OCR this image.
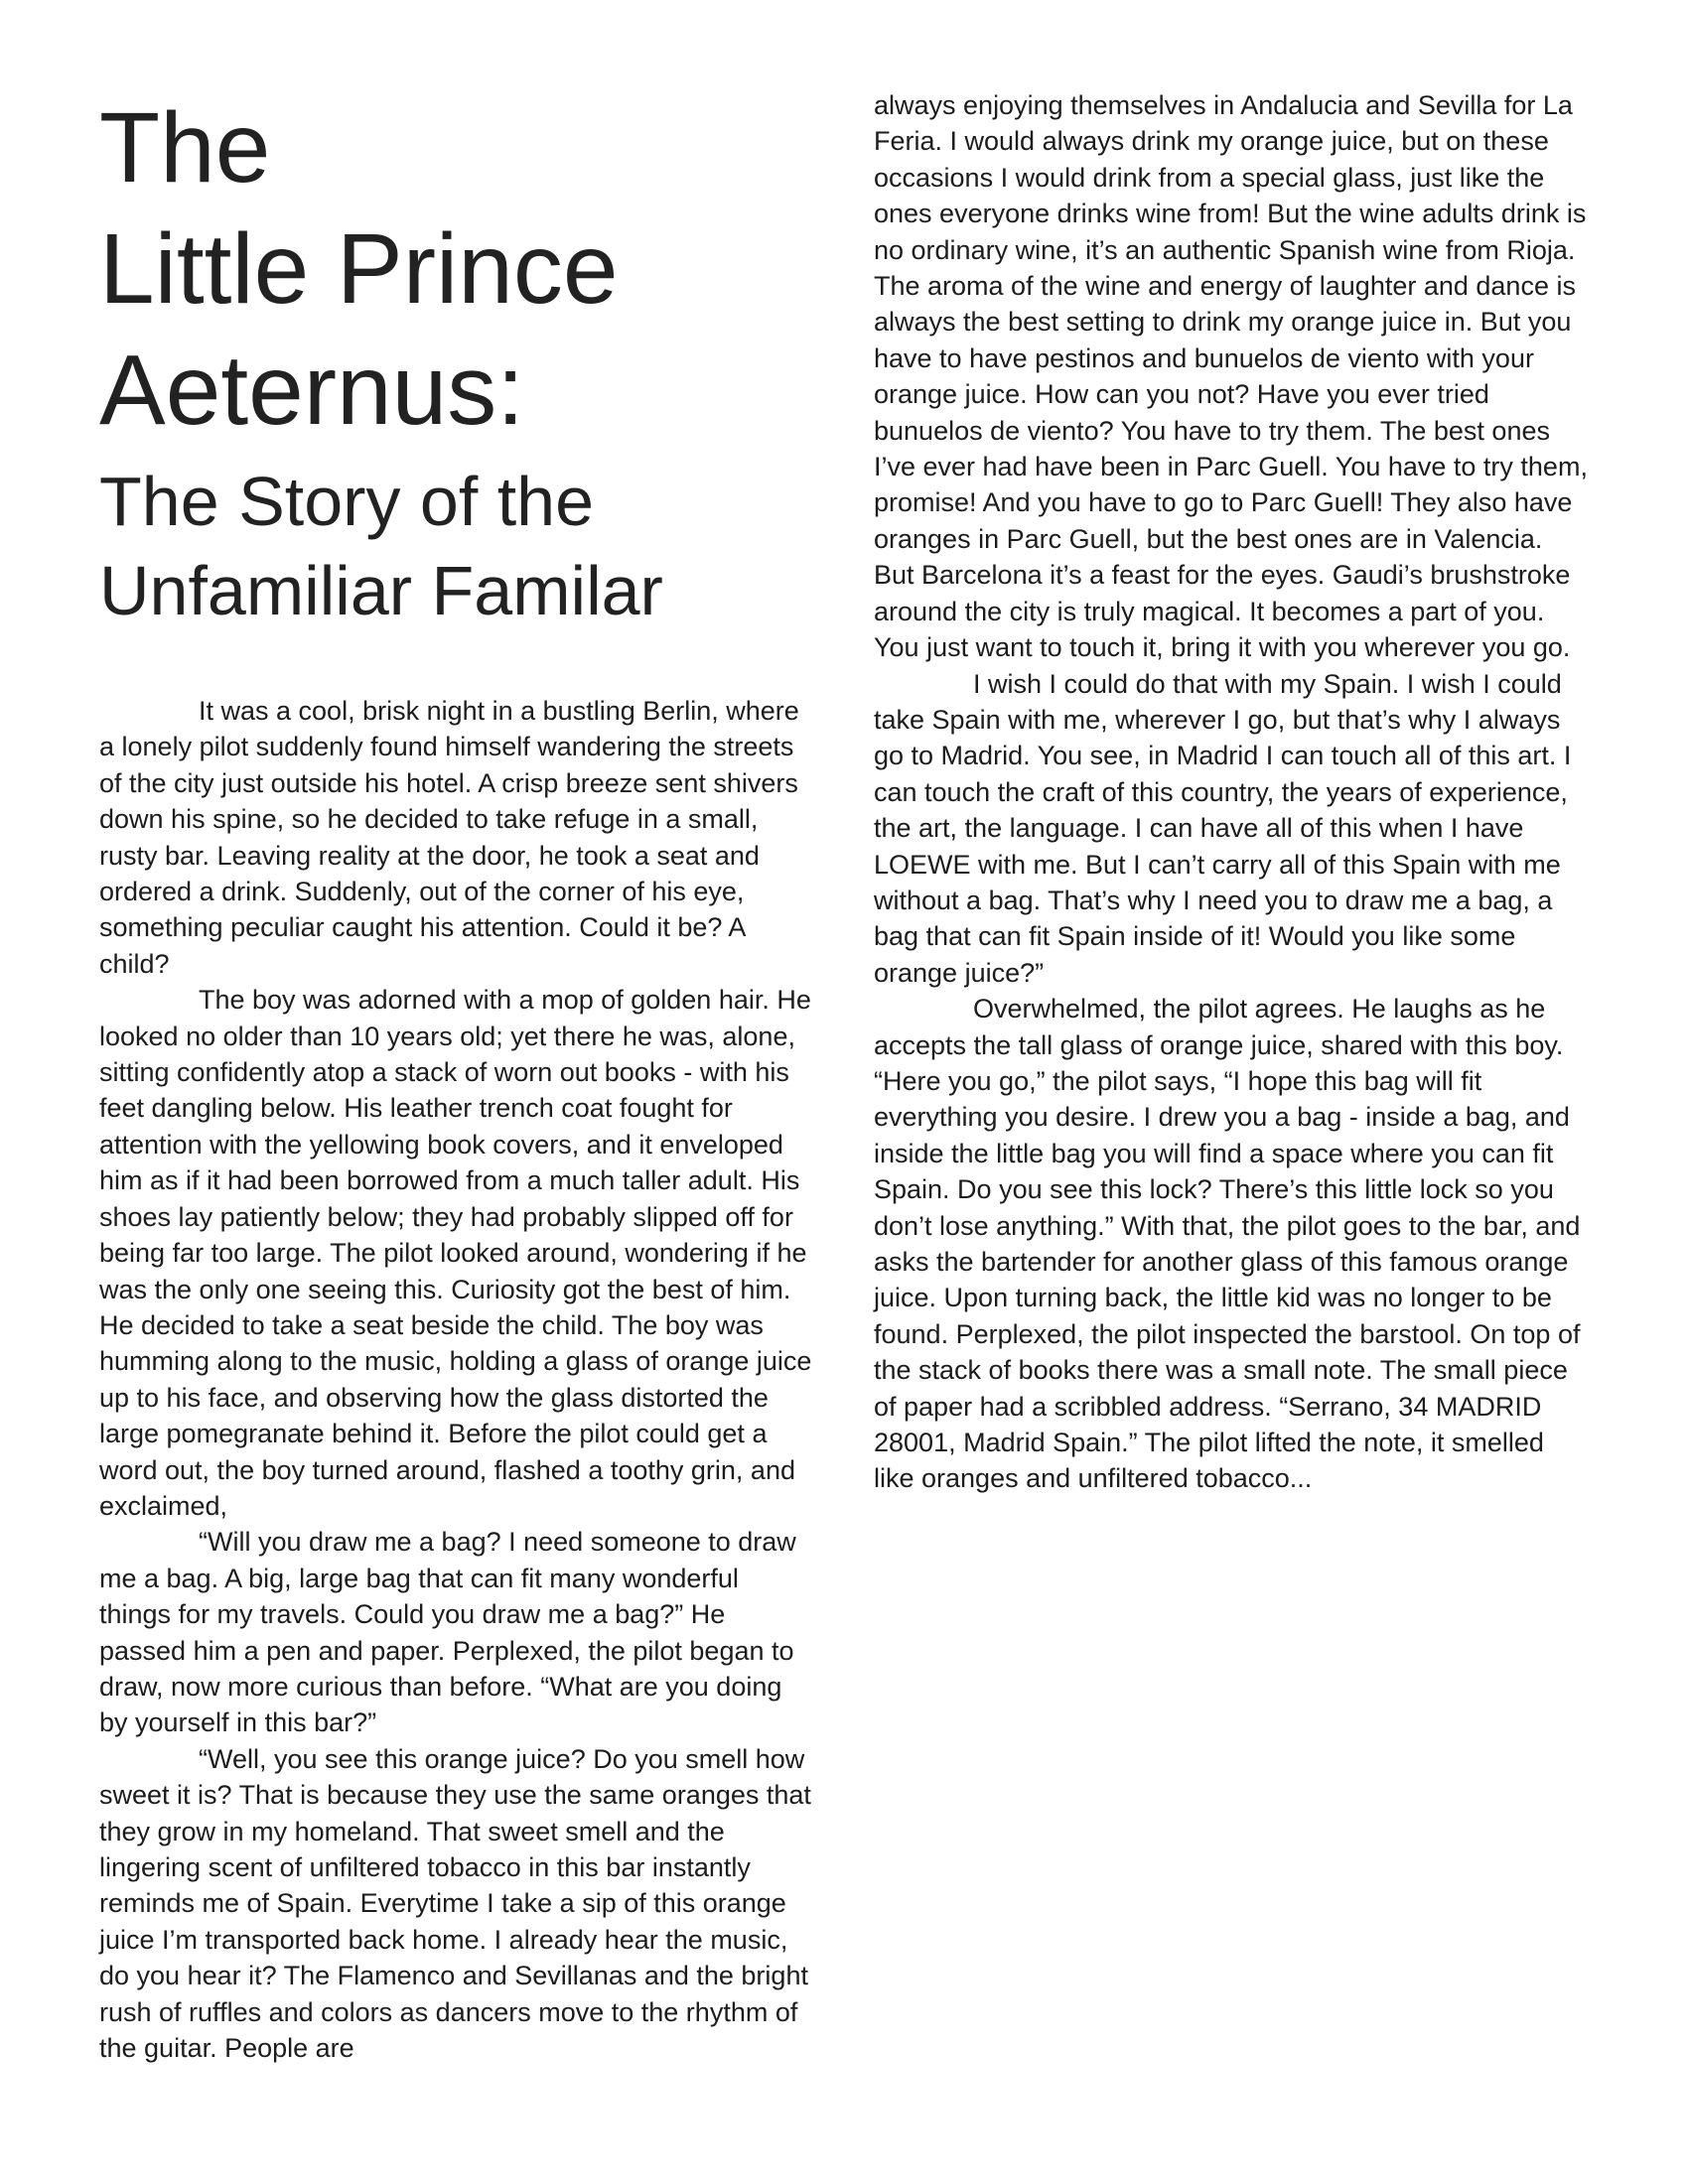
The
Little Prince
Aeternus:
The Story of the
Unfamiliar Familar

It was a cool, brisk night in a bustling Berlin, where a lonely pilot suddenly found himself wandering the streets of the city just outside his hotel. A crisp breeze sent shivers down his spine, so he decided to take refuge in a small, rusty bar. Leaving reality at the door, he took a seat and ordered a drink. Suddenly, out of the corner of his eye, something peculiar caught his attention. Could it be? A child?

The boy was adorned with a mop of golden hair. He looked no older than 10 years old; yet there he was, alone, sitting confidently atop a stack of worn out books - with his feet dangling below. His leather trench coat fought for attention with the yellowing book covers, and it enveloped him as if it had been borrowed from a much taller adult. His shoes lay patiently below; they had probably slipped off for being far too large. The pilot looked around, wondering if he was the only one seeing this. Curiosity got the best of him. He decided to take a seat beside the child. The boy was humming along to the music, holding a glass of orange juice up to his face, and observing how the glass distorted the large pomegranate behind it. Before the pilot could get a word out, the boy turned around, flashed a toothy grin, and exclaimed,

“Will you draw me a bag? I need someone to draw me a bag. A big, large bag that can fit many wonderful things for my travels. Could you draw me a bag?” He passed him a pen and paper. Perplexed, the pilot began to draw, now more curious than before. “What are you doing by yourself in this bar?”

“Well, you see this orange juice? Do you smell how sweet it is? That is because they use the same oranges that they grow in my homeland. That sweet smell and the lingering scent of unfiltered tobacco in this bar instantly reminds me of Spain. Everytime I take a sip of this orange juice I’m transported back home. I already hear the music, do you hear it? The Flamenco and Sevillanas and the bright rush of ruffles and colors as dancers move to the rhythm of the guitar. People are

always enjoying themselves in Andalucia and Sevilla for La Feria. I would always drink my orange juice, but on these occasions I would drink from a special glass, just like the ones everyone drinks wine from! But the wine adults drink is no ordinary wine, it’s an authentic Spanish wine from Rioja. The aroma of the wine and energy of laughter and dance is always the best setting to drink my orange juice in. But you have to have pestinos and bunuelos de viento with your orange juice. How can you not? Have you ever tried bunuelos de viento? You have to try them. The best ones I’ve ever had have been in Parc Guell. You have to try them, promise! And you have to go to Parc Guell! They also have oranges in Parc Guell, but the best ones are in Valencia. But Barcelona it’s a feast for the eyes. Gaudi’s brushstroke around the city is truly magical. It becomes a part of you. You just want to touch it, bring it with you wherever you go.

I wish I could do that with my Spain. I wish I could take Spain with me, wherever I go, but that’s why I always go to Madrid. You see, in Madrid I can touch all of this art. I can touch the craft of this country, the years of experience, the art, the language. I can have all of this when I have LOEWE with me. But I can’t carry all of this Spain with me without a bag. That’s why I need you to draw me a bag, a bag that can fit Spain inside of it! Would you like some orange juice?”

Overwhelmed, the pilot agrees. He laughs as he accepts the tall glass of orange juice, shared with this boy. “Here you go,” the pilot says, “I hope this bag will fit everything you desire. I drew you a bag - inside a bag, and inside the little bag you will find a space where you can fit Spain. Do you see this lock? There’s this little lock so you don’t lose anything.” With that, the pilot goes to the bar, and asks the bartender for another glass of this famous orange juice. Upon turning back, the little kid was no longer to be found. Perplexed, the pilot inspected the barstool. On top of the stack of books there was a small note. The small piece of paper had a scribbled address. “Serrano, 34 MADRID 28001, Madrid Spain.” The pilot lifted the note, it smelled like oranges and unfiltered tobacco...
